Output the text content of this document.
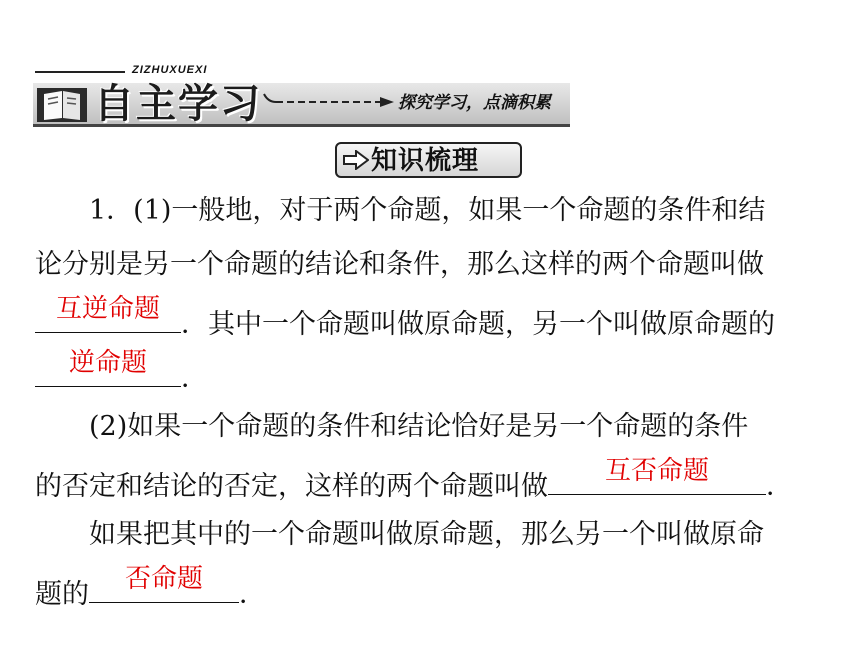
ZIZHUXUEXI
自主学习	探究学习，点滴积累
知识梳理
1．(1)一般地，对于两个命题，如果一个命题的条件和结
论分别是另一个命题的结论和条件，那么这样的两个命题叫做
互逆命题 ．其中一个命题叫做原命题，另一个叫做原命题的
逆命题	．
(2)如果一个命题的条件和结论恰好是另一个命题的条件
的否定和结论的否定，这样的两个命题叫做	互否命题	．
如果把其中的一个命题叫做原命题，那么另一个叫做原命
题的	否命题	．
